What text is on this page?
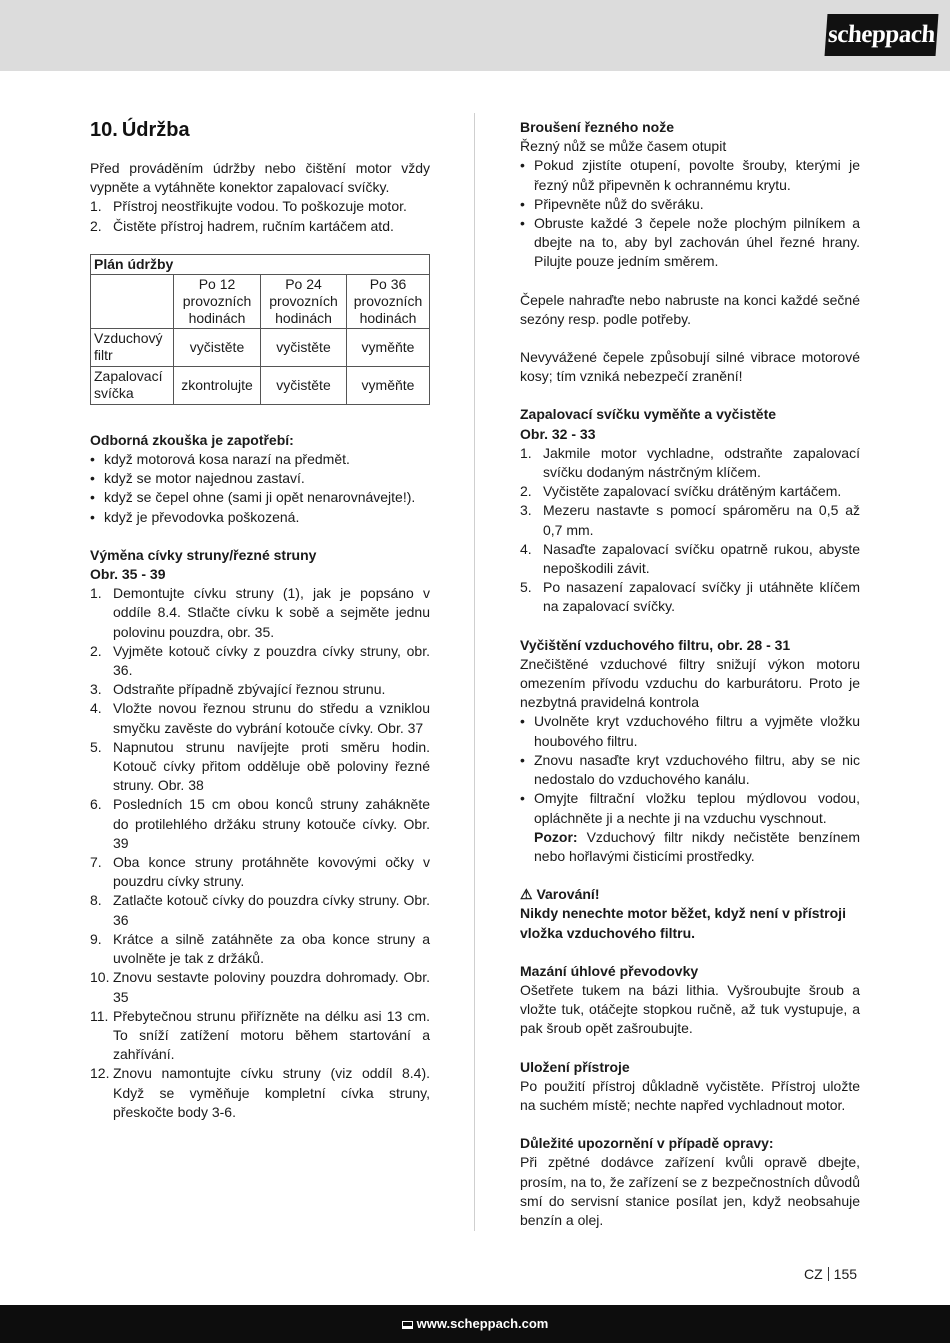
scheppach
10. Údržba

Před prováděním údržby nebo čištění motor vždy vypněte a vytáhněte konektor zapalovací svíčky.

1. Přístroj neostřikujte vodou. To poškozuje motor.
2. Čistěte přístroj hadrem, ručním kartáčem atd.
Plán údržby			
	Po 12 provozních hodinách	Po 24 provozních hodinách	Po 36 provozních hodinách
Vzduchový filtr	vyčistěte	vyčistěte	vyměňte
Zapalovací svíčka	zkontrolujte	vyčistěte	vyměňte

Odborná zkouška je zapotřebí:

• když motorová kosa narazí na předmět.
• když se motor najednou zastaví.
• když se čepel ohne (sami ji opět nenarovnávejte!).
• když je převodovka poškozená.

Výměna cívky struny/řezné struny

Obr. 35 - 39

1. Demontujte cívku struny (1), jak je popsáno v oddíle 8.4. Stlačte cívku k sobě a sejměte jednu polovinu pouzdra, obr. 35.
2. Vyjměte kotouč cívky z pouzdra cívky struny, obr. 36.
3. Odstraňte případně zbývající řeznou strunu.
4. Vložte novou řeznou strunu do středu a vzniklou smyčku zavěste do vybrání kotouče cívky. Obr. 37
5. Napnutou strunu navíjejte proti směru hodin. Kotouč cívky přitom odděluje obě poloviny řezné struny. Obr. 38
6. Posledních 15 cm obou konců struny zahákněte do protilehlého držáku struny kotouče cívky. Obr. 39
7. Oba konce struny protáhněte kovovými očky v pouzdru cívky struny.
8. Zatlačte kotouč cívky do pouzdra cívky struny. Obr. 36
9. Krátce a silně zatáhněte za oba konce struny a uvolněte je tak z držáků.
10. Znovu sestavte poloviny pouzdra dohromady. Obr. 35
11. Přebytečnou strunu přiřízněte na délku asi 13 cm. To sníží zatížení motoru během startování a zahřívání.
12. Znovu namontujte cívku struny (viz oddíl 8.4). Když se vyměňuje kompletní cívka struny, přeskočte body 3-6.

Broušení řezného nože

Řezný nůž se může časem otupit

• Pokud zjistíte otupení, povolte šrouby, kterými je řezný nůž připevněn k ochrannému krytu.
• Připevněte nůž do svěráku.
• Obruste každé 3 čepele nože plochým pilníkem a dbejte na to, aby byl zachován úhel řezné hrany. Pilujte pouze jedním směrem.

Čepele nahraďte nebo nabruste na konci každé sečné sezóny resp. podle potřeby.

Nevyvážené čepele způsobují silné vibrace motorové kosy; tím vzniká nebezpečí zranění!

Zapalovací svíčku vyměňte a vyčistěte

Obr. 32 - 33

1. Jakmile motor vychladne, odstraňte zapalovací svíčku dodaným nástrčným klíčem.
2. Vyčistěte zapalovací svíčku drátěným kartáčem.
3. Mezeru nastavte s pomocí spároměru na 0,5 až 0,7 mm.
4. Nasaďte zapalovací svíčku opatrně rukou, abyste nepoškodili závit.
5. Po nasazení zapalovací svíčky ji utáhněte klíčem na zapalovací svíčky.

Vyčištění vzduchového filtru, obr. 28 - 31

Znečištěné vzduchové filtry snižují výkon motoru omezením přívodu vzduchu do karburátoru. Proto je nezbytná pravidelná kontrola

• Uvolněte kryt vzduchového filtru a vyjměte vložku houbového filtru.
• Znovu nasaďte kryt vzduchového filtru, aby se nic nedostalo do vzduchového kanálu.
• Omyjte filtrační vložku teplou mýdlovou vodou, opláchněte ji a nechte ji na vzduchu vyschnout.
Pozor: Vzduchový filtr nikdy nečistěte benzínem nebo hořlavými čisticími prostředky.

⚠ Varování!

Nikdy nenechte motor běžet, když není v přístroji vložka vzduchového filtru.

Mazání úhlové převodovky

Ošetřete tukem na bázi lithia. Vyšroubujte šroub a vložte tuk, otáčejte stopkou ručně, až tuk vystupuje, a pak šroub opět zašroubujte.

Uložení přístroje

Po použití přístroj důkladně vyčistěte. Přístroj uložte na suchém místě; nechte napřed vychladnout motor.

Důležité upozornění v případě opravy:

Při zpětné dodávce zařízení kvůli opravě dbejte, prosím, na to, že zařízení se z bezpečnostních důvodů smí do servisní stanice posílat jen, když neobsahuje benzín a olej.

CZ 155
www.scheppach.com
